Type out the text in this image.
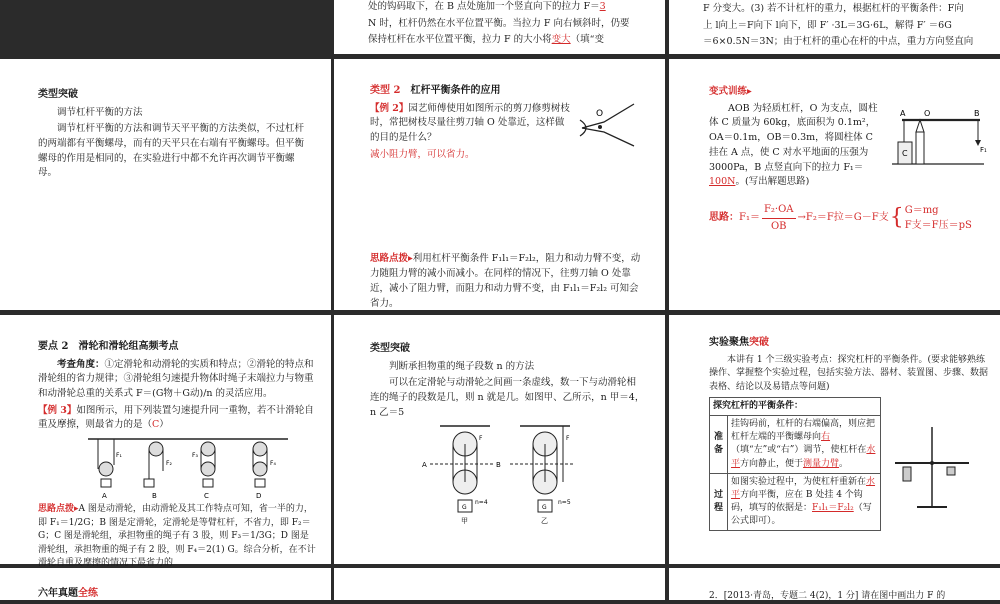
处的钩码取下，在 B 点处施加一个竖直向下的拉力 F＝3
N 时，杠杆仍然在水平位置平衡。当拉力 F 向右倾斜时，仍要
保持杠杆在水平位置平衡，拉力 F 的大小将变大（填“变
F 分变大。(3) 若不计杠杆的重力，根据杠杆的平衡条件：F向
上 l向上＝F向下 l向下，即 F′ ·3L＝3G·6L，解得 F′ ＝6G
＝6×0.5N＝3N；由于杠杆的重心在杆的中点，重力方向竖直向
类型突破
调节杠杆平衡的方法
调节杠杆平衡的方法和调节天平平衡的方法类似，不过杠杆的两端都有平衡螺母，而有的天平只在右端有平衡螺母。但平衡螺母的作用是相同的，在实验进行中都不允许再次调节平衡螺母。
类型 2　 杠杆平衡条件的应用
【例 2】园艺师傅使用如图所示的剪刀修剪树枝时，常把树枝尽量往剪刀轴 O 处靠近，这样做的目的是什么？
减小阻力臂，可以省力。
O
思路点拨▸利用杠杆平衡条件 F₁l₁＝F₂l₂，阻力和动力臂不变，动力随阻力臂的减小而减小。在同样的情况下，往剪刀轴 O 处靠近，减小了阻力臂，而阻力和动力臂不变，由 F₁l₁＝F₂l₂ 可知会省力。
变式训练▸
AOB 为轻质杠杆，O 为支点，圆柱体 C 质量为 60kg，底面积为 0.1m²，OA＝0.1m，OB＝0.3m，将圆柱体 C 挂在 A 点，使 C 对水平地面的压强为 3000Pa，B 点竖直向下的拉力 F₁＝100N。(写出解题思路)
A O	B
C	F₁
思路： $F_1= \frac{\text{F₂·OA}}{OB} \to F_2=F$拉＝G－F支 { G＝mg
F支＝F压＝pS
要点 2　滑轮和滑轮组高频考点
考查角度：①定滑轮和动滑轮的实质和特点；②滑轮的特点和滑轮组的省力规律；③滑轮组匀速提升物体时绳子末端拉力与物重和动滑轮总重的关系式 F＝(G物＋G动)/n 的灵活应用。
【例 3】如图所示，用下列装置匀速提升同一重物，若不计滑轮自重及摩擦，则最省力的是（C）
A	B	C	D
F₁
F₂
F₃
F₄
思路点拨▸A 图是动滑轮，由动滑轮及其工作特点可知，省一半的力，即 F₁＝1/2G；B 图是定滑轮，定滑轮是等臂杠杆，不省力，即 F₂＝G；C 图是滑轮组，承担物重的绳子有 3 股，则 F₃＝1/3G；D 图是滑轮组，承担物重的绳子有 2 股，则 F₄＝2(1) G。综合分析，在不计滑轮自重及摩擦的情况下最省力的
类型突破
判断承担物重的绳子段数 n 的方法
可以在定滑轮与动滑轮之间画一条虚线，数一下与动滑轮相连的绳子的段数是几，则 n 就是几。如图甲、乙所示，n 甲＝4，n 乙＝5
A	B
n=4	n=5
G	G
甲	乙
F	F
实验聚焦突破
本讲有 1 个三级实验考点：探究杠杆的平衡条件。(要求能够熟练操作、掌握整个实验过程，包括实验方法、器材、装置图、步骤、数据表格、结论以及易错点等问题)
探究杠杆的平衡条件：	
准备	挂钩码前，杠杆的右端偏高，则应把杠杆左端的平衡螺母向右（填“左”或“右”）调节，使杠杆在水平方向静止，便于测量力臂。
过程	如图实验过程中，为使杠杆重新在水平方向平衡，应在 B 处挂 4 个钩码，填写的依据是：F₁l₁＝F₂l₂（写公式即可）。
六年真题全练	2．[2013·青岛，专题二 4(2)，1 分] 请在图中画出力 F 的
